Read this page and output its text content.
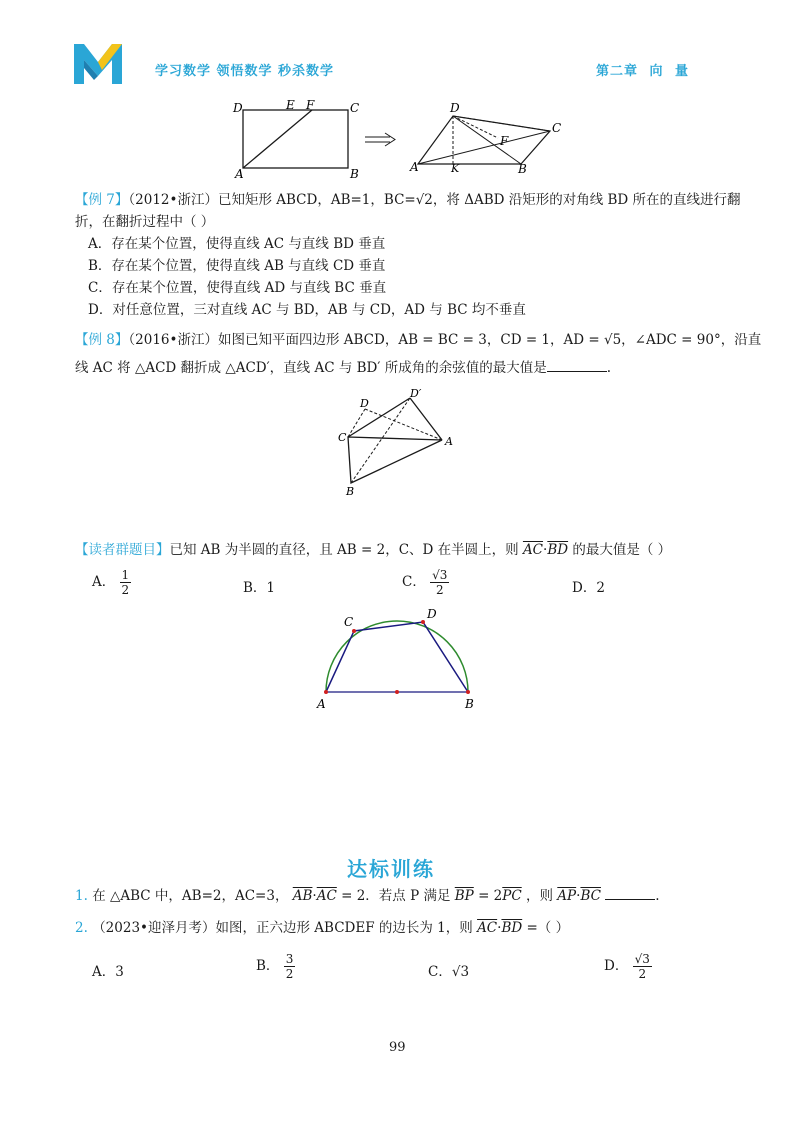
学习数学 领悟数学 秒杀数学	第二章 向 量
D	E F	C
A	B
D
C
F
A	K	B
【例 7】（2012•浙江）已知矩形 ABCD，AB=1，BC=√2，将 ΔABD 沿矩形的对角线 BD 所在的直线进行翻
折，在翻折过程中（ ）
A．存在某个位置，使得直线 AC 与直线 BD 垂直
B．存在某个位置，使得直线 AB 与直线 CD 垂直
C．存在某个位置，使得直线 AD 与直线 BC 垂直
D．对任意位置，三对直线 AC 与 BD，AB 与 CD，AD 与 BC 均不垂直
【例 8】（2016•浙江）如图已知平面四边形 ABCD，AB = BC = 3，CD = 1，AD = √5，∠ADC = 90°，沿直
线 AC 将 △ACD 翻折成 △ACD′，直线 AC 与 BD′ 所成角的余弦值的最大值是	.
D
D′
C	A
B
【读者群题目】已知 AB 为半圆的直径，且 AB = 2，C、D 在半圆上，则 $\overline{AC}\cdot\overline{BD}$ 的最大值是（ ）
A． $\frac{1}{2}$	B．1	C． $\frac{√3}{2}$	D．2
C
D
A	B
达标训练
1. 在 △ABC 中，AB=2，AC=3， $\overline{AB}\cdot\overline{AC} = 2$．若点 P 满足 $\overline{BP} = 2\overline{PC}$ ，则 $\overline{AP}\cdot\overline{BC}$	.
2. （2023•迎泽月考）如图，正六边形 ABCDEF 的边长为 1，则 $\overline{AC}\cdot\overline{BD}$ =（ ）
A．3	B． $\frac{3}{2}$	C．√3	D． $\frac{√3}{2}$
99
